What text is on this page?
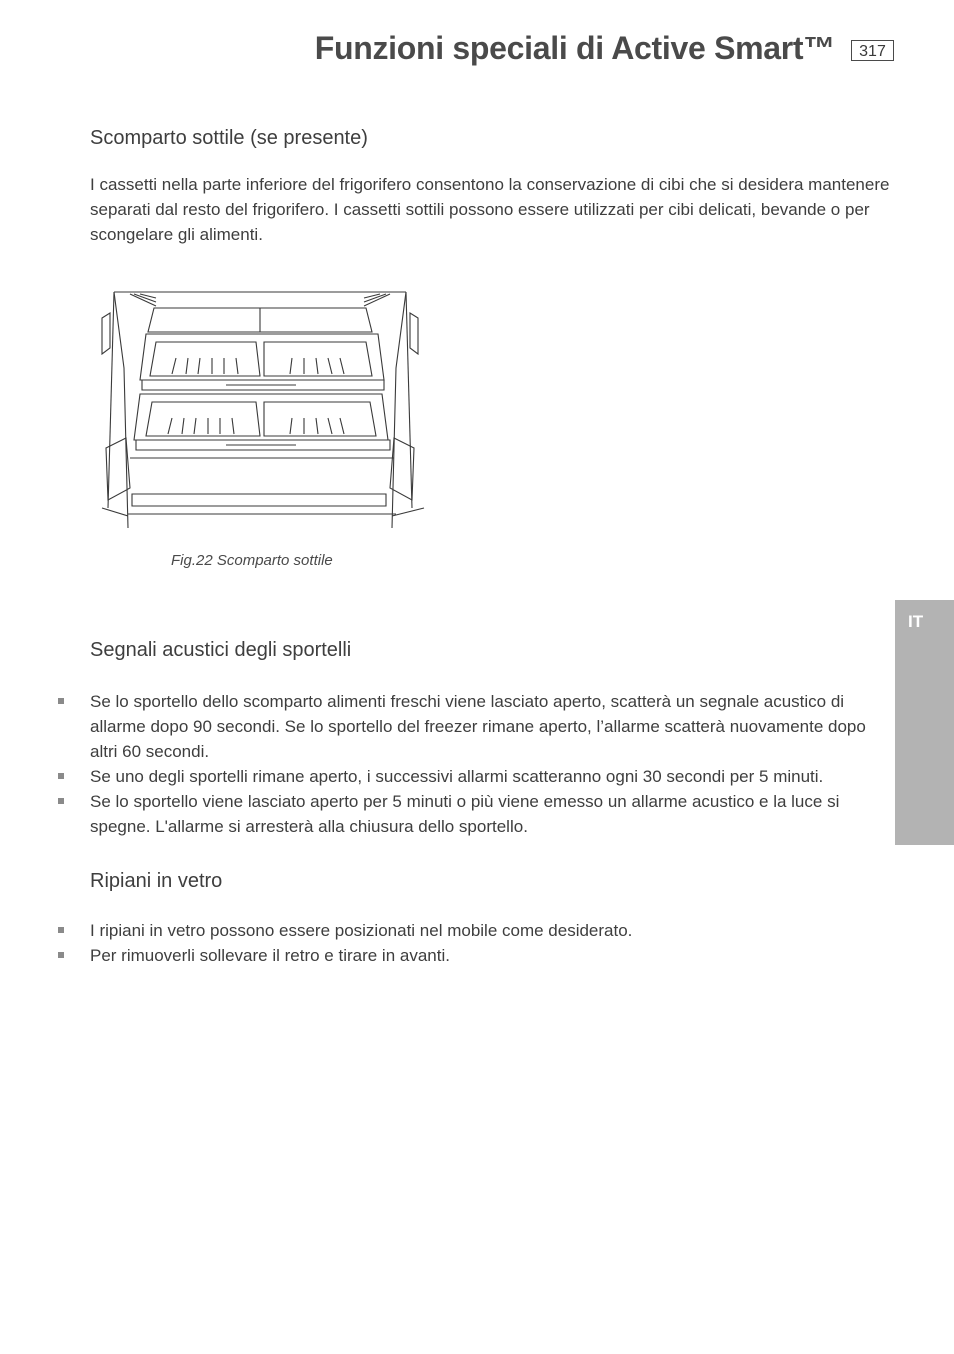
Funzioni speciali di Active Smart™	317
IT
Scomparto sottile (se presente)

I cassetti nella parte inferiore del frigorifero consentono la conservazione di cibi che si desidera mantenere separati dal resto del frigorifero. I cassetti sottili possono essere utilizzati per cibi delicati, bevande o per scongelare gli alimenti.

Fig.22 Scomparto sottile
Segnali acustici degli sportelli
Se lo sportello dello scomparto alimenti freschi viene lasciato aperto, scatterà un segnale acustico di allarme dopo 90 secondi. Se lo sportello del freezer rimane aperto, l’allarme scatterà nuovamente dopo altri 60 secondi.
Se uno degli sportelli rimane aperto, i successivi allarmi scatteranno ogni 30 secondi per 5 minuti.
Se lo sportello viene lasciato aperto per 5 minuti o più viene emesso un allarme acustico e la luce si spegne. L'allarme si arresterà alla chiusura dello sportello.
Ripiani in vetro
I ripiani in vetro possono essere posizionati nel mobile come desiderato.
Per rimuoverli sollevare il retro e tirare in avanti.
